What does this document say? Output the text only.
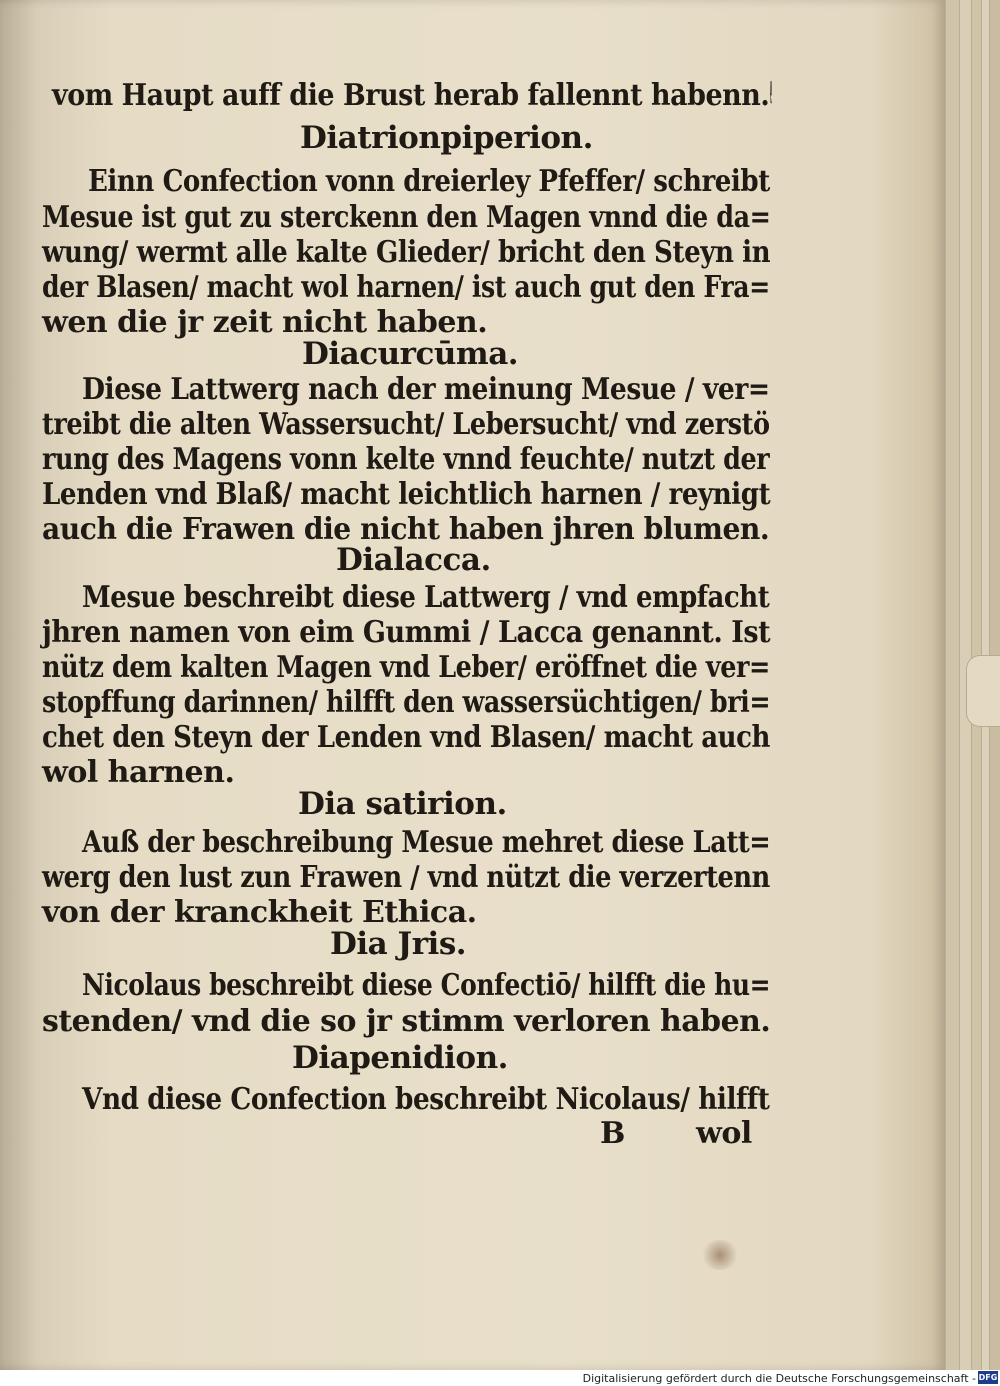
vom Haupt auff die Brust herab fallennt habenn. 9
Diatrionpiperion.
Einn Confection vonn dreierley Pfeffer/ schreibt
Mesue ist gut zu sterckenn den Magen vnnd die da=
wung/ wermt alle kalte Glieder/ bricht den Steyn in
der Blasen/ macht wol harnen/ ist auch gut den Fra=
wen die jr zeit nicht haben.
Diacurcūma.
Diese Lattwerg nach der meinung Mesue / ver=
treibt die alten Wassersucht/ Lebersucht/ vnd zerstö
rung des Magens vonn kelte vnnd feuchte/ nutzt der
Lenden vnd Blaß/ macht leichtlich harnen / reynigt
auch die Frawen die nicht haben jhren blumen.
Dialacca.
Mesue beschreibt diese Lattwerg / vnd empfacht
jhren namen von eim Gummi / Lacca genannt. Ist
nütz dem kalten Magen vnd Leber/ eröffnet die ver=
stopffung darinnen/ hilfft den wassersüchtigen/ bri=
chet den Steyn der Lenden vnd Blasen/ macht auch
wol harnen.
Dia satirion.
Auß der beschreibung Mesue mehret diese Latt=
werg den lust zun Frawen / vnd nützt die verzertenn
von der kranckheit Ethica.
Dia Jris.
Nicolaus beschreibt diese Confectiō/ hilfft die hu=
stenden/ vnd die so jr stimm verloren haben.
Diapenidion.
Vnd diese Confection beschreibt Nicolaus/ hilfft
B wol
Digitalisierung gefördert durch die Deutsche Forschungsgemeinschaft - DFG
